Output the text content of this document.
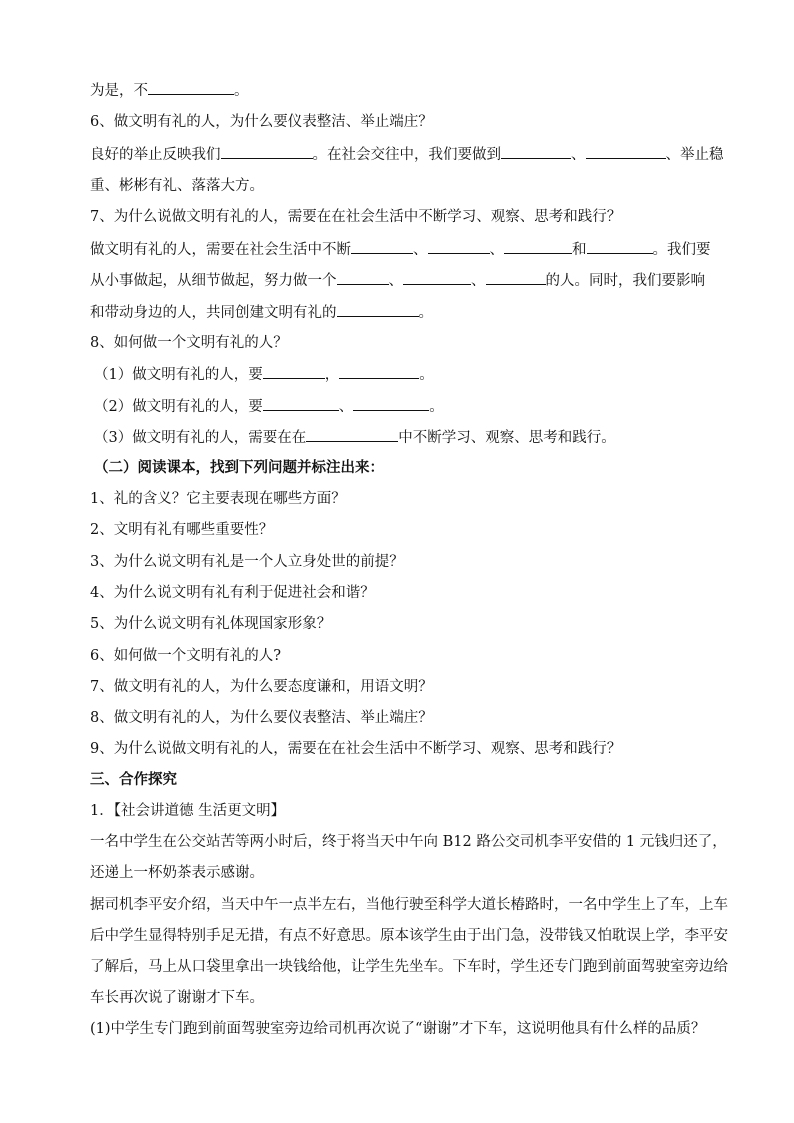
为是，不	。
6、做文明有礼的人，为什么要仪表整洁、举止端庄？
良好的举止反映我们	。在社会交往中，我们要做到	、	、举止稳
重、彬彬有礼、落落大方。
7、为什么说做文明有礼的人，需要在在社会生活中不断学习、观察、思考和践行？
做文明有礼的人，需要在社会生活中不断	、	、	和	。我们要
从小事做起，从细节做起，努力做一个	、	、	的人。同时，我们要影响
和带动身边的人，共同创建文明有礼的	。
8、如何做一个文明有礼的人？
（1）做文明有礼的人，要	，	。
（2）做文明有礼的人，要	、	。
（3）做文明有礼的人，需要在在	中不断学习、观察、思考和践行。
（二）阅读课本，找到下列问题并标注出来：
1、礼的含义？它主要表现在哪些方面？
2、文明有礼有哪些重要性？
3、为什么说文明有礼是一个人立身处世的前提？
4、为什么说文明有礼有利于促进社会和谐？
5、为什么说文明有礼体现国家形象？
6、如何做一个文明有礼的人?
7、做文明有礼的人，为什么要态度谦和，用语文明？
8、做文明有礼的人，为什么要仪表整洁、举止端庄？
9、为什么说做文明有礼的人，需要在在社会生活中不断学习、观察、思考和践行？
三、合作探究
1．【社会讲道德 生活更文明】
一名中学生在公交站苦等两小时后，终于将当天中午向 B12 路公交司机李平安借的 1 元钱归还了，
还递上一杯奶茶表示感谢。
据司机李平安介绍，当天中午一点半左右，当他行驶至科学大道长椿路时，一名中学生上了车，上车
后中学生显得特别手足无措，有点不好意思。原本该学生由于出门急，没带钱又怕耽误上学，李平安
了解后，马上从口袋里拿出一块钱给他，让学生先坐车。下车时，学生还专门跑到前面驾驶室旁边给
车长再次说了谢谢才下车。
(1)中学生专门跑到前面驾驶室旁边给司机再次说了“谢谢”才下车，这说明他具有什么样的品质？
